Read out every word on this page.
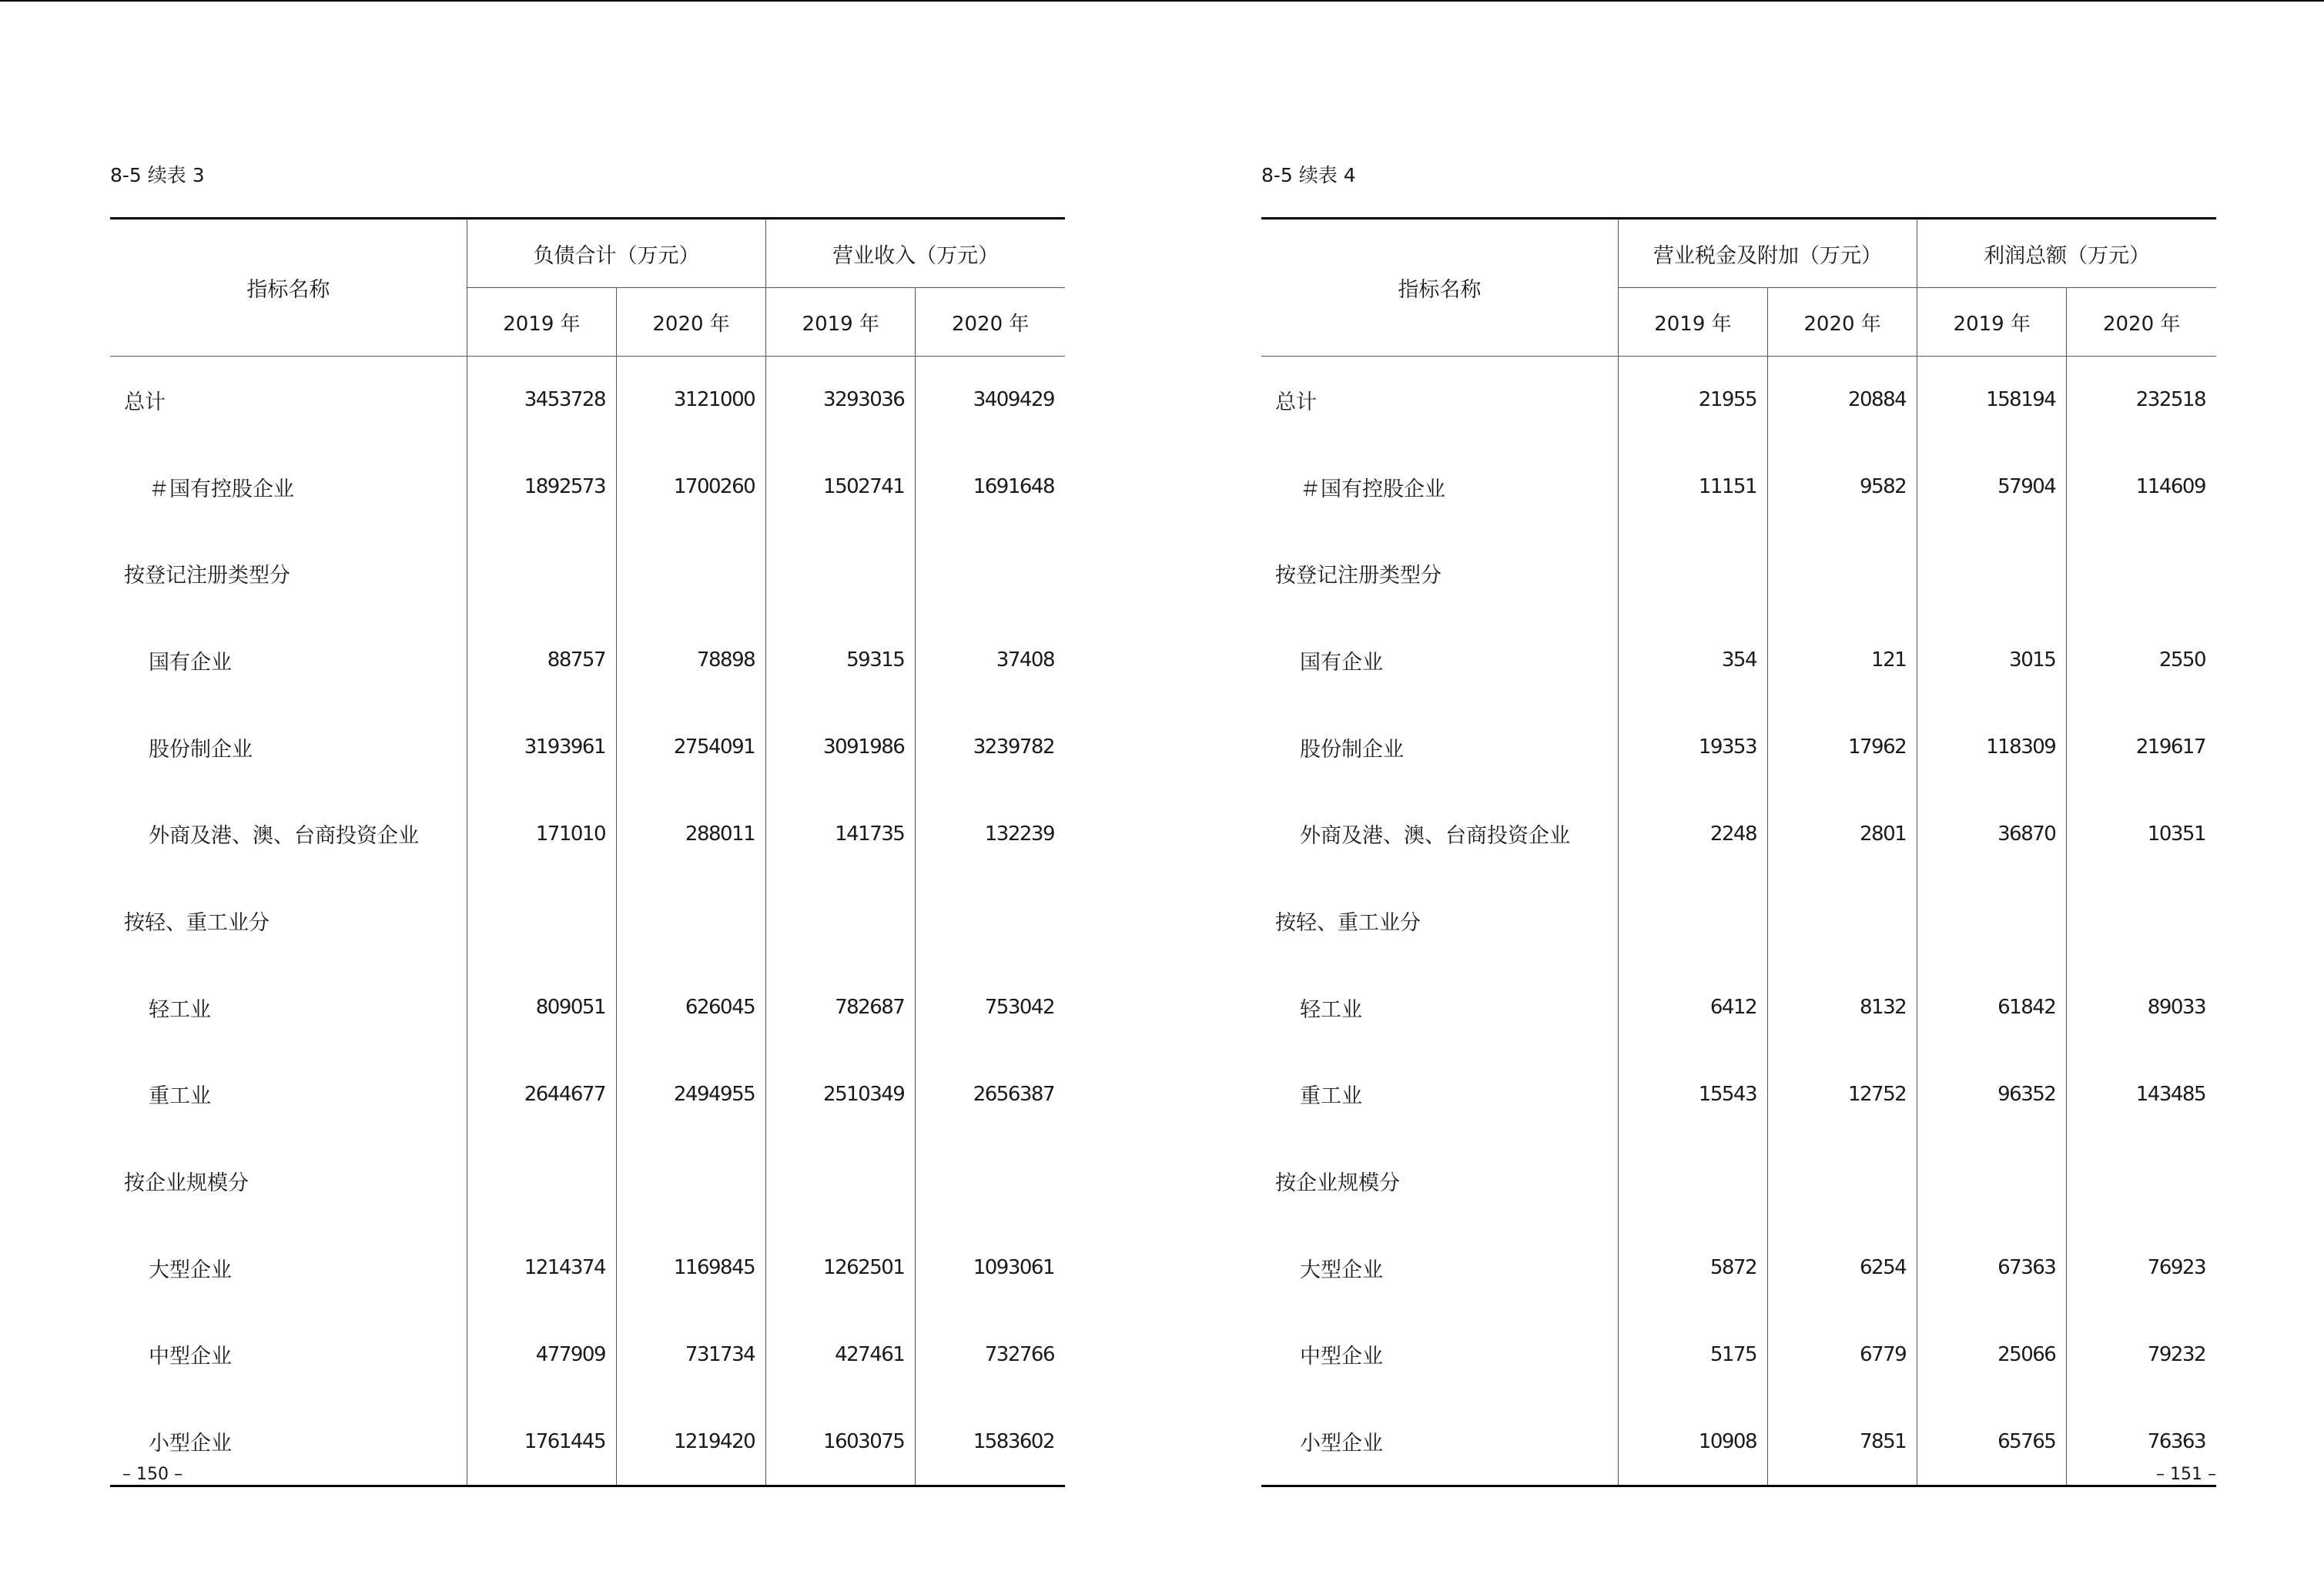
8-5 续表 3
指标名称	负债合计（万元）		营业收入（万元）	
	2019 年	2020 年	2019 年	2020 年
总计	3453728	3121000	3293036	3409429
＃国有控股企业	1892573	1700260	1502741	1691648
按登记注册类型分				
国有企业	88757	78898	59315	37408
股份制企业	3193961	2754091	3091986	3239782
外商及港、澳、台商投资企业	171010	288011	141735	132239
按轻、重工业分				
轻工业	809051	626045	782687	753042
重工业	2644677	2494955	2510349	2656387
按企业规模分				
大型企业	1214374	1169845	1262501	1093061
中型企业	477909	731734	427461	732766
小型企业	1761445	1219420	1603075	1583602
– 150 –
8-5 续表 4
指标名称	营业税金及附加（万元）		利润总额（万元）	
	2019 年	2020 年	2019 年	2020 年
总计	21955	20884	158194	232518
＃国有控股企业	11151	9582	57904	114609
按登记注册类型分				
国有企业	354	121	3015	2550
股份制企业	19353	17962	118309	219617
外商及港、澳、台商投资企业	2248	2801	36870	10351
按轻、重工业分				
轻工业	6412	8132	61842	89033
重工业	15543	12752	96352	143485
按企业规模分				
大型企业	5872	6254	67363	76923
中型企业	5175	6779	25066	79232
小型企业	10908	7851	65765	76363
– 151 –
